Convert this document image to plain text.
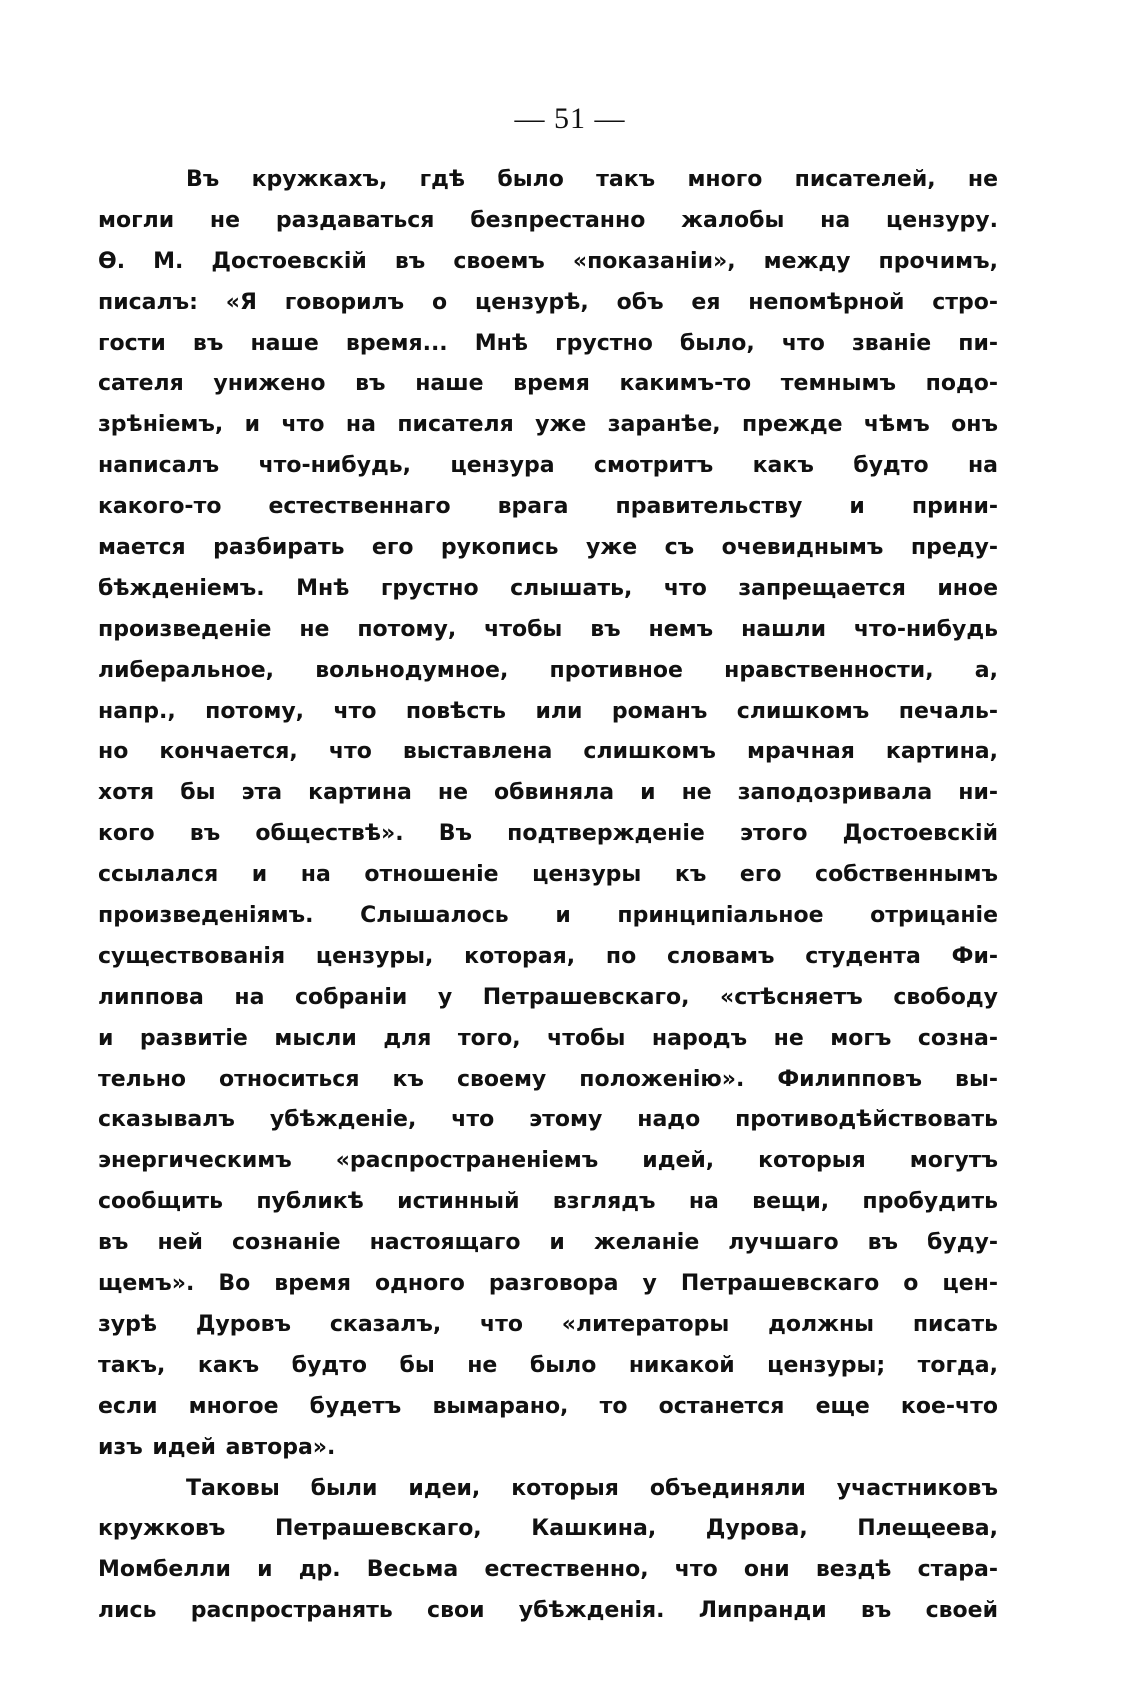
— 51 —
Въ кружкахъ, гдѣ было такъ много писателей, не
могли не раздаваться безпрестанно жалобы на цензуру.
Ѳ. М. Достоевскій въ своемъ «показаніи», между прочимъ,
писалъ: «Я говорилъ о цензурѣ, объ ея непомѣрной стро-
гости въ наше время... Мнѣ грустно было, что званіе пи-
сателя унижено въ наше время какимъ-то темнымъ подо-
зрѣніемъ, и что на писателя уже заранѣе, прежде чѣмъ онъ
написалъ что-нибудь, цензура смотритъ какъ будто на
какого-то естественнаго врага правительству и прини-
мается разбирать его рукопись уже съ очевиднымъ преду-
бѣжденіемъ. Мнѣ грустно слышать, что запрещается иное
произведеніе не потому, чтобы въ немъ нашли что-нибудь
либеральное, вольнодумное, противное нравственности, а,
напр., потому, что повѣсть или романъ слишкомъ печаль-
но кончается, что выставлена слишкомъ мрачная картина,
хотя бы эта картина не обвиняла и не заподозривала ни-
кого въ обществѣ». Въ подтвержденіе этого Достоевскій
ссылался и на отношеніе цензуры къ его собственнымъ
произведеніямъ. Слышалось и принципіальное отрицаніе
существованія цензуры, которая, по словамъ студента Фи-
липпова на собраніи у Петрашевскаго, «стѣсняетъ свободу
и развитіе мысли для того, чтобы народъ не могъ созна-
тельно относиться къ своему положенію». Филипповъ вы-
сказывалъ убѣжденіе, что этому надо противодѣйствовать
энергическимъ «распространеніемъ идей, которыя могутъ
сообщить публикѣ истинный взглядъ на вещи, пробудить
въ ней сознаніе настоящаго и желаніе лучшаго въ буду-
щемъ». Во время одного разговора у Петрашевскаго о цен-
зурѣ Дуровъ сказалъ, что «литераторы должны писать
такъ, какъ будто бы не было никакой цензуры; тогда,
если многое будетъ вымарано, то останется еще кое-что
изъ идей автора».
Таковы были идеи, которыя объединяли участниковъ
кружковъ Петрашевскаго, Кашкина, Дурова, Плещеева,
Момбелли и др. Весьма естественно, что они вездѣ стара-
лись распространять свои убѣжденія. Липранди въ своей
